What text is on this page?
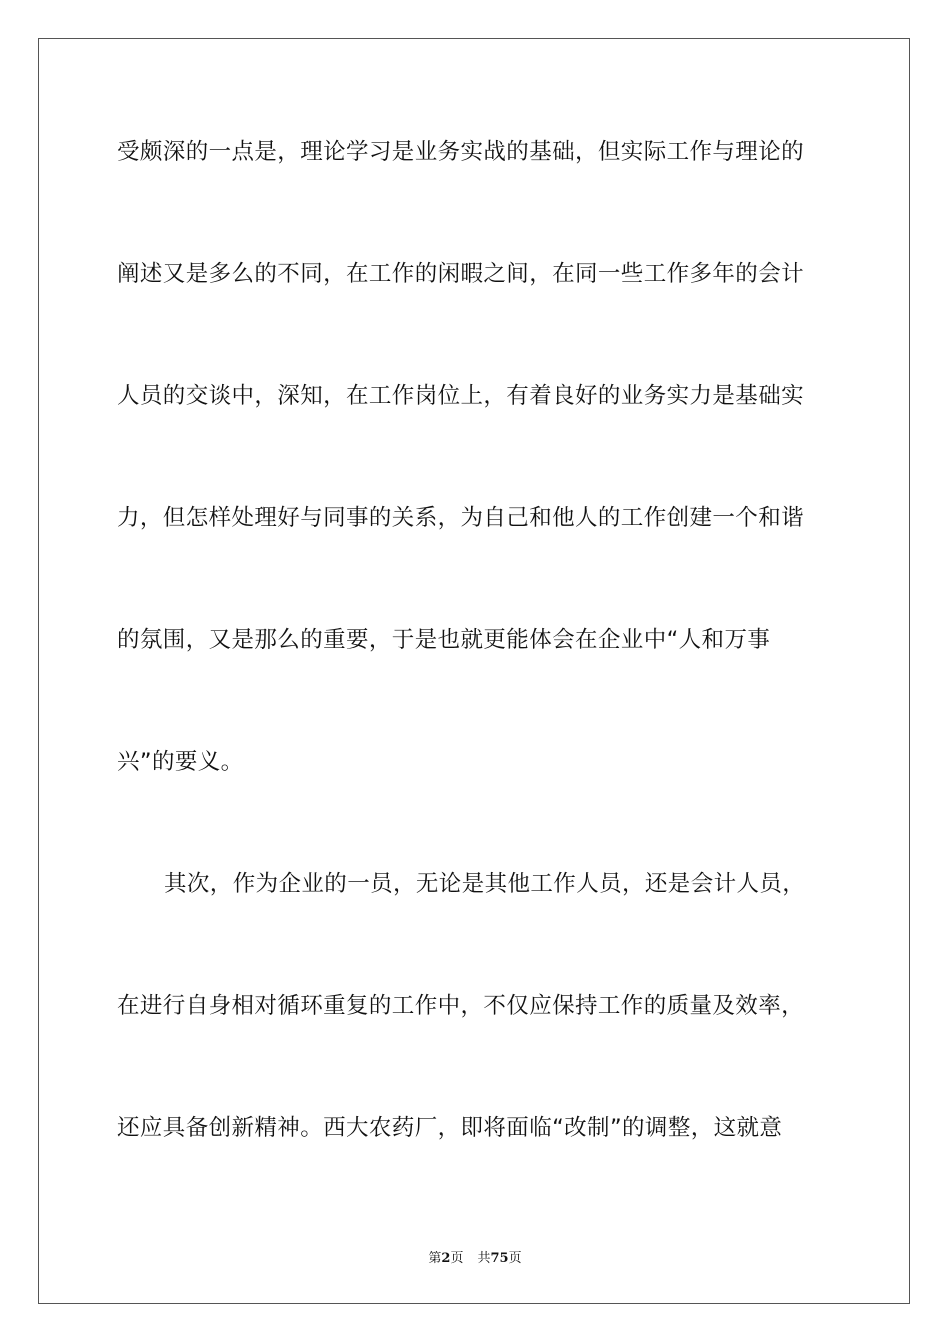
受颇深的一点是，理论学习是业务实战的基础，但实际工作与理论的
阐述又是多么的不同，在工作的闲暇之间，在同一些工作多年的会计
人员的交谈中，深知，在工作岗位上，有着良好的业务实力是基础实
力，但怎样处理好与同事的关系，为自己和他人的工作创建一个和谐
的氛围，又是那么的重要，于是也就更能体会在企业中“人和万事
兴”的要义。
其次，作为企业的一员，无论是其他工作人员，还是会计人员，
在进行自身相对循环重复的工作中，不仅应保持工作的质量及效率，
还应具备创新精神。西大农药厂，即将面临“改制”的调整，这就意
第2页 共75页
